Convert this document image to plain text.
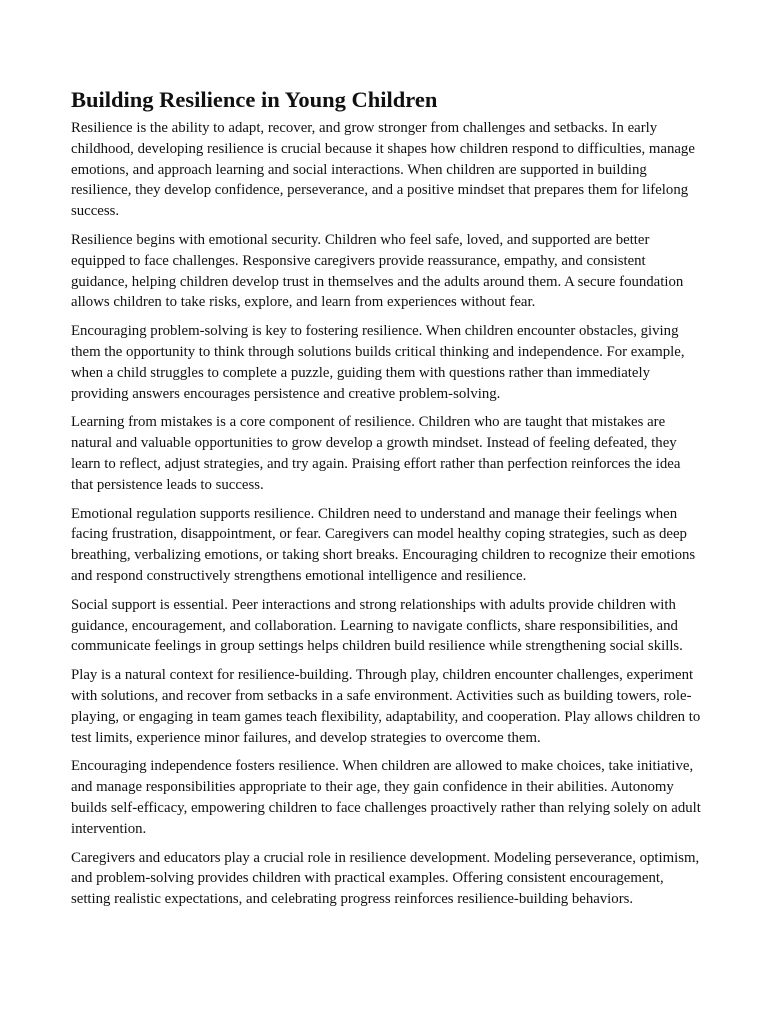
Building Resilience in Young Children

Resilience is the ability to adapt, recover, and grow stronger from challenges and setbacks. In early childhood, developing resilience is crucial because it shapes how children respond to difficulties, manage emotions, and approach learning and social interactions. When children are supported in building resilience, they develop confidence, perseverance, and a positive mindset that prepares them for lifelong success.

Resilience begins with emotional security. Children who feel safe, loved, and supported are better equipped to face challenges. Responsive caregivers provide reassurance, empathy, and consistent guidance, helping children develop trust in themselves and the adults around them. A secure foundation allows children to take risks, explore, and learn from experiences without fear.

Encouraging problem-solving is key to fostering resilience. When children encounter obstacles, giving them the opportunity to think through solutions builds critical thinking and independence. For example, when a child struggles to complete a puzzle, guiding them with questions rather than immediately providing answers encourages persistence and creative problem-solving.

Learning from mistakes is a core component of resilience. Children who are taught that mistakes are natural and valuable opportunities to grow develop a growth mindset. Instead of feeling defeated, they learn to reflect, adjust strategies, and try again. Praising effort rather than perfection reinforces the idea that persistence leads to success.

Emotional regulation supports resilience. Children need to understand and manage their feelings when facing frustration, disappointment, or fear. Caregivers can model healthy coping strategies, such as deep breathing, verbalizing emotions, or taking short breaks. Encouraging children to recognize their emotions and respond constructively strengthens emotional intelligence and resilience.

Social support is essential. Peer interactions and strong relationships with adults provide children with guidance, encouragement, and collaboration. Learning to navigate conflicts, share responsibilities, and communicate feelings in group settings helps children build resilience while strengthening social skills.

Play is a natural context for resilience-building. Through play, children encounter challenges, experiment with solutions, and recover from setbacks in a safe environment. Activities such as building towers, role-playing, or engaging in team games teach flexibility, adaptability, and cooperation. Play allows children to test limits, experience minor failures, and develop strategies to overcome them.

Encouraging independence fosters resilience. When children are allowed to make choices, take initiative, and manage responsibilities appropriate to their age, they gain confidence in their abilities. Autonomy builds self-efficacy, empowering children to face challenges proactively rather than relying solely on adult intervention.

Caregivers and educators play a crucial role in resilience development. Modeling perseverance, optimism, and problem-solving provides children with practical examples. Offering consistent encouragement, setting realistic expectations, and celebrating progress reinforces resilience-building behaviors.
